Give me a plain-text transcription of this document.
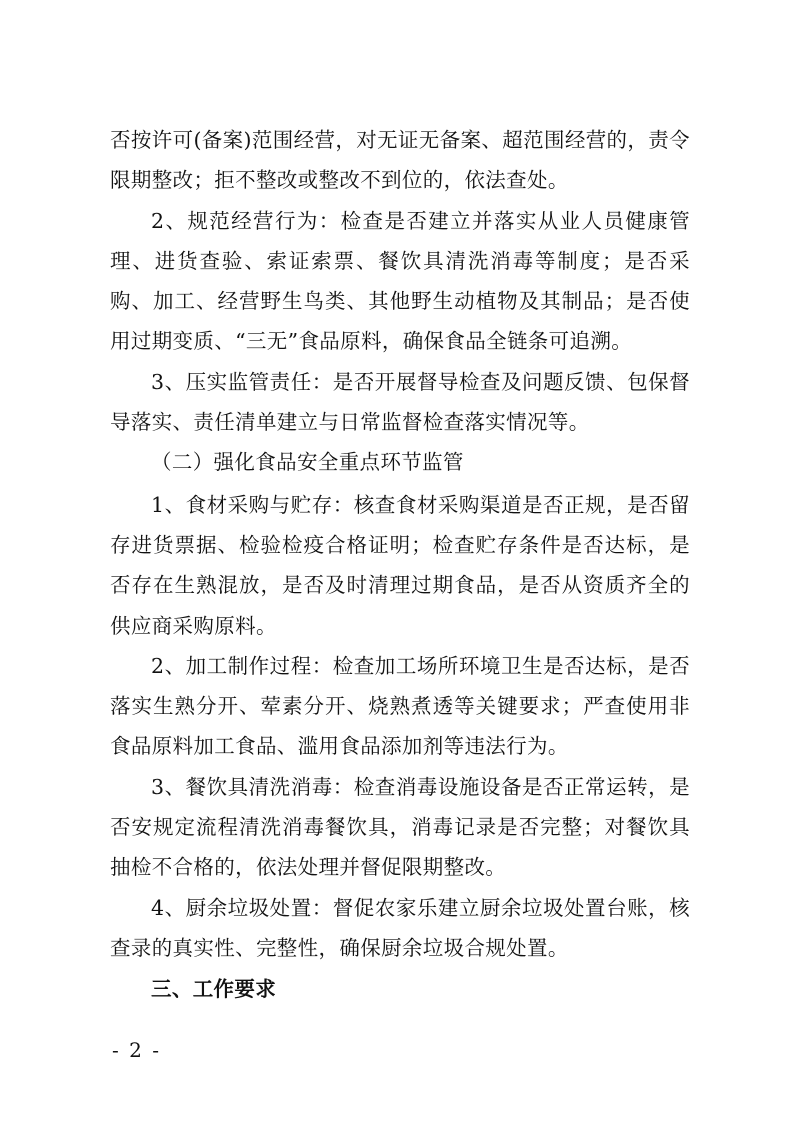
否按许可(备案)范围经营，对无证无备案、超范围经营的，责令限期整改；拒不整改或整改不到位的，依法查处。

2、规范经营行为：检查是否建立并落实从业人员健康管理、进货查验、索证索票、餐饮具清洗消毒等制度；是否采购、加工、经营野生鸟类、其他野生动植物及其制品；是否使用过期变质、“三无”食品原料，确保食品全链条可追溯。

3、压实监管责任：是否开展督导检查及问题反馈、包保督导落实、责任清单建立与日常监督检查落实情况等。

（二）强化食品安全重点环节监管

1、食材采购与贮存：核查食材采购渠道是否正规，是否留存进货票据、检验检疫合格证明；检查贮存条件是否达标，是否存在生熟混放，是否及时清理过期食品，是否从资质齐全的供应商采购原料。

2、加工制作过程：检查加工场所环境卫生是否达标，是否落实生熟分开、荤素分开、烧熟煮透等关键要求；严查使用非食品原料加工食品、滥用食品添加剂等违法行为。

3、餐饮具清洗消毒：检查消毒设施设备是否正常运转，是否安规定流程清洗消毒餐饮具，消毒记录是否完整；对餐饮具抽检不合格的，依法处理并督促限期整改。

4、厨余垃圾处置：督促农家乐建立厨余垃圾处置台账，核查录的真实性、完整性，确保厨余垃圾合规处置。

三、工作要求

- 2 -
